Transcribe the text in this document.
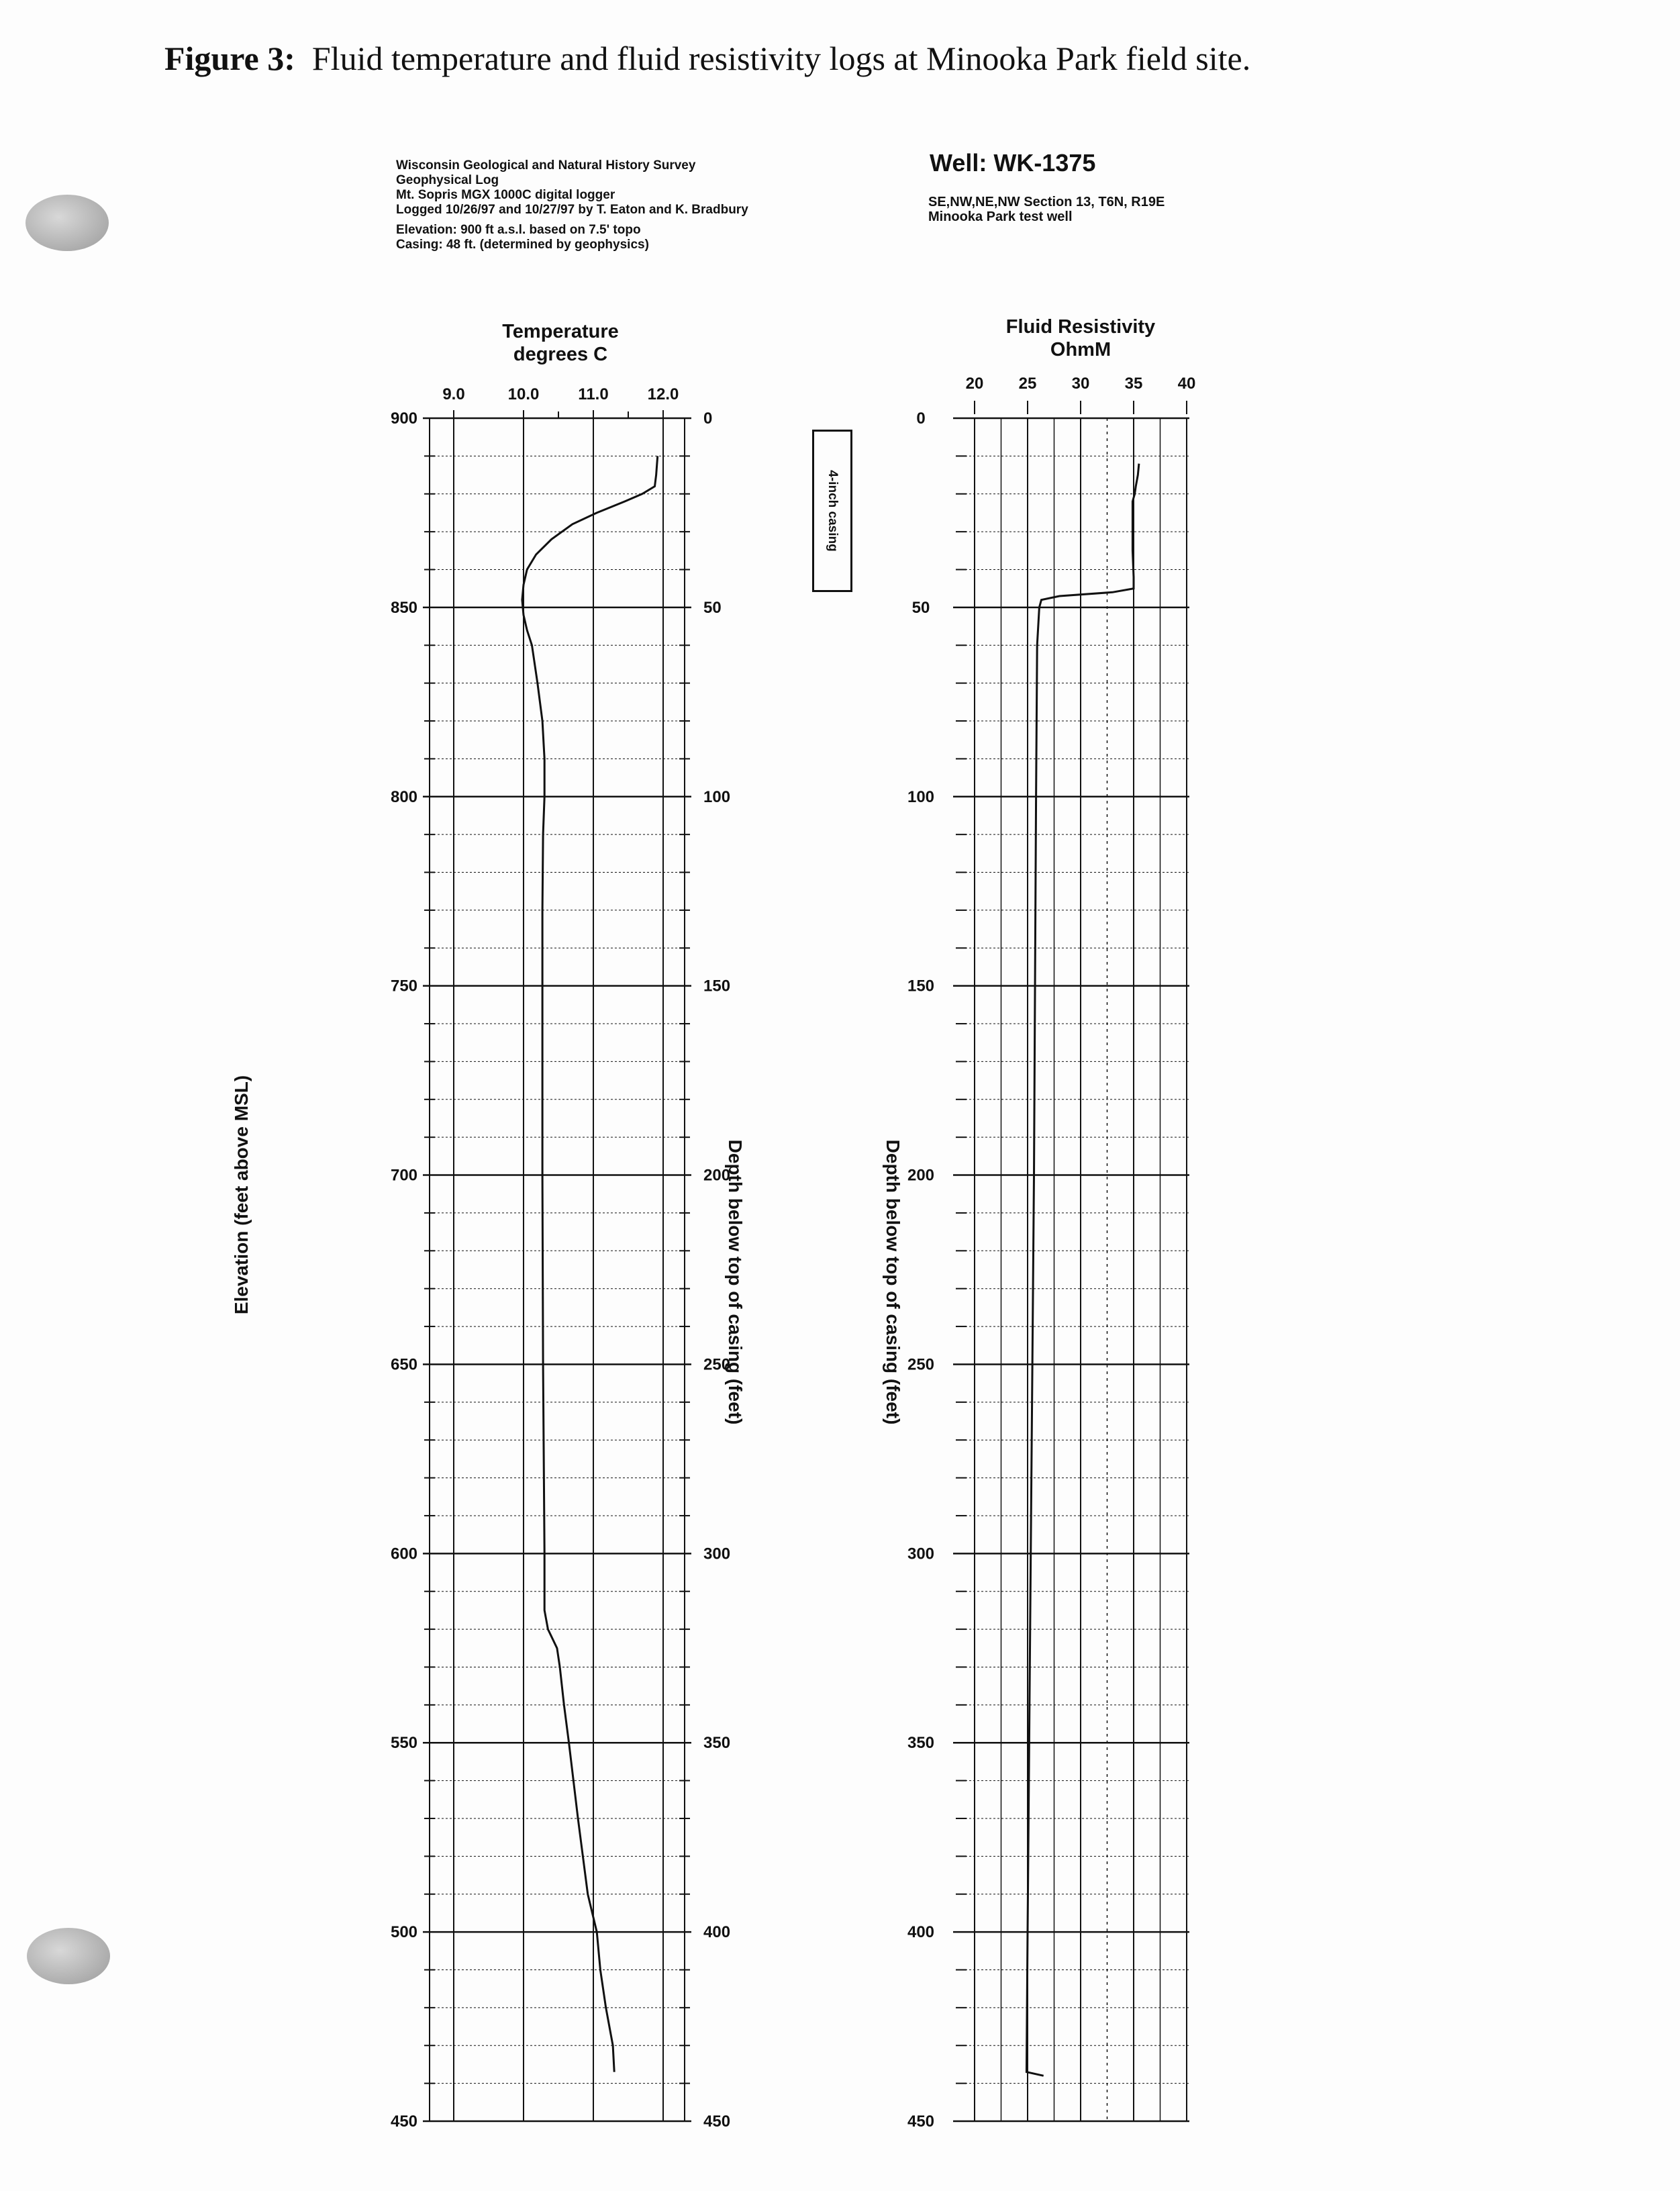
Figure 3: Fluid temperature and fluid resistivity logs at Minooka Park field site.
Wisconsin Geological and Natural History Survey
Geophysical Log
Mt. Sopris MGX 1000C digital logger
Logged 10/26/97 and 10/27/97 by T. Eaton and K. Bradbury
Elevation: 900 ft a.s.l. based on 7.5' topo
Casing: 48 ft. (determined by geophysics)
Well: WK-1375
SE,NW,NE,NW Section 13, T6N, R19E
Minooka Park test well
Temperature
degrees C
Fluid Resistivity
OhmM
4-inch casing
900	0
850	50
800	100
750	150
700	200
650	250
600	300
550	350
500	400
450	450
9.0	10.0 11.0 12.0
0
50
100
150
200
250
300
350
400
450
20 25 30 35 40
Elevation (feet above MSL)	Depth below top of casing (feet)	Depth below top of casing (feet)
